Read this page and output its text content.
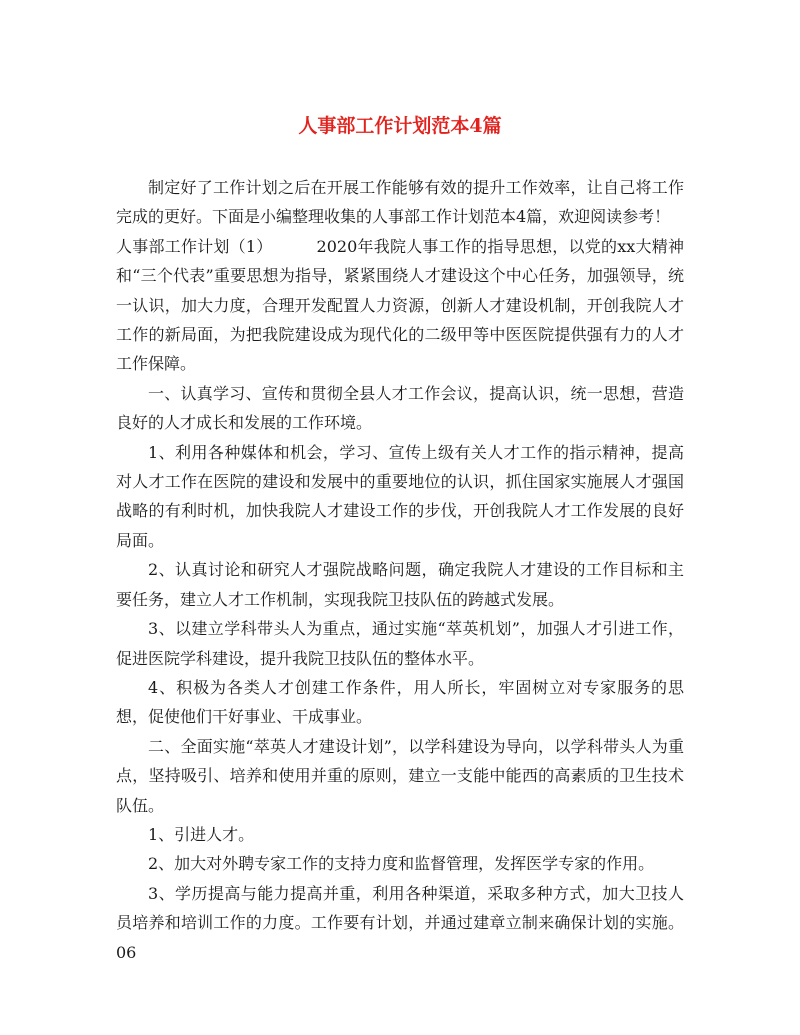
人事部工作计划范本4篇

制定好了工作计划之后在开展工作能够有效的提升工作效率，让自己将工作完成的更好。下面是小编整理收集的人事部工作计划范本4篇，欢迎阅读参考！

人事部工作计划（1）	2020年我院人事工作的指导思想，以党的xx大精神和“三个代表”重要思想为指导，紧紧围绕人才建设这个中心任务，加强领导，统一认识，加大力度，合理开发配置人力资源，创新人才建设机制，开创我院人才工作的新局面，为把我院建设成为现代化的二级甲等中医医院提供强有力的人才工作保障。

一、认真学习、宣传和贯彻全县人才工作会议，提高认识，统一思想，营造良好的人才成长和发展的工作环境。

1、利用各种媒体和机会，学习、宣传上级有关人才工作的指示精神，提高对人才工作在医院的建设和发展中的重要地位的认识，抓住国家实施展人才强国战略的有利时机，加快我院人才建设工作的步伐，开创我院人才工作发展的良好局面。

2、认真讨论和研究人才强院战略问题，确定我院人才建设的工作目标和主要任务，建立人才工作机制，实现我院卫技队伍的跨越式发展。

3、以建立学科带头人为重点，通过实施“萃英机划”，加强人才引进工作，促进医院学科建设，提升我院卫技队伍的整体水平。

4、积极为各类人才创建工作条件，用人所长，牢固树立对专家服务的思想，促使他们干好事业、干成事业。

二、全面实施“萃英人才建设计划”，以学科建设为导向，以学科带头人为重点，坚持吸引、培养和使用并重的原则，建立一支能中能西的高素质的卫生技术队伍。

1、引进人才。

2、加大对外聘专家工作的支持力度和监督管理，发挥医学专家的作用。

3、学历提高与能力提高并重，利用各种渠道，采取多种方式，加大卫技人员培养和培训工作的力度。工作要有计划，并通过建章立制来确保计划的实施。06
